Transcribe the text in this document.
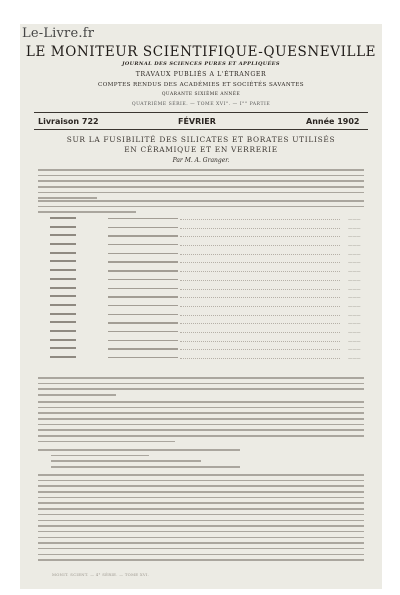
Le-Livre.fr
LE MONITEUR SCIENTIFIQUE-QUESNEVILLE
JOURNAL DES SCIENCES PURES ET APPLIQUÉES
TRAVAUX PUBLIÉS A L'ÉTRANGER
COMPTES RENDUS DES ACADÉMIES ET SOCIÉTÉS SAVANTES
QUARANTE SIXIÈME ANNÉE
QUATRIÈME SÉRIE. — TOME XVI°. — I°° PARTIE
Livraison 722	FÉVRIER	Année 1902
SUR LA FUSIBILITÉ DES SILICATES ET BORATES UTILISÉS EN CÉRAMIQUE ET EN VERRERIE
Par M. A. Granger.
———
———
———
———
———
———
———
———
———
———
———
———
———
———
———
———
———
MONIT. SCIENT. — 4° SÉRIE. — TOME XVI.
